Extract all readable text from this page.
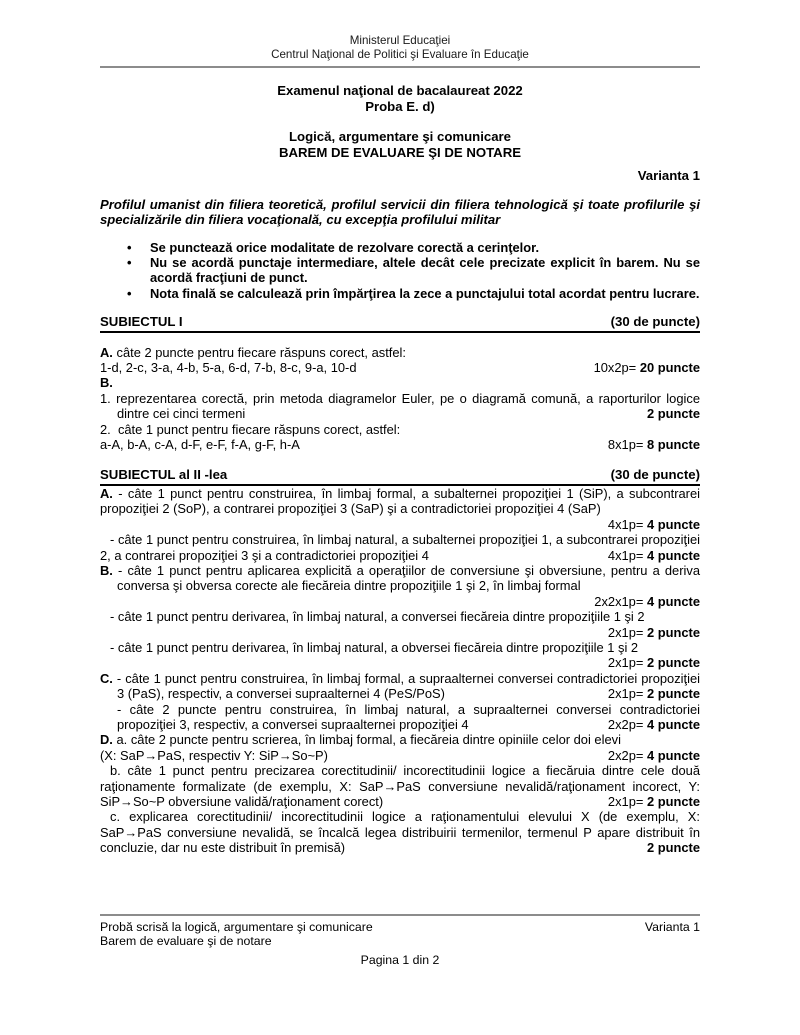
Ministerul Educaţiei
Centrul Naţional de Politici şi Evaluare în Educaţie
Examenul naţional de bacalaureat 2022
Proba E. d)
Logică, argumentare şi comunicare
BAREM DE EVALUARE ŞI DE NOTARE
Varianta 1

Profilul umanist din filiera teoretică, profilul servicii din filiera tehnologică şi toate profilurile şi specializările din filiera vocaţională, cu excepţia profilului militar

•	Se punctează orice modalitate de rezolvare corectă a cerinţelor.
•	Nu se acordă punctaje intermediare, altele decât cele precizate explicit în barem. Nu se acordă fracţiuni de punct.
•	Nota finală se calculează prin împărţirea la zece a punctajului total acordat pentru lucrare.
SUBIECTUL I	(30 de puncte)

A. câte 2 puncte pentru fiecare răspuns corect, astfel:

1-d, 2-c, 3-a, 4-b, 5-a, 6-d, 7-b, 8-c, 9-a, 10-d	10x2p= 20 puncte

B.

1. reprezentarea corectă, prin metoda diagramelor Euler, pe o diagramă comună, a raporturilor logice dintre cei cinci termeni	2 puncte

2. câte 1 punct pentru fiecare răspuns corect, astfel:

a-A, b-A, c-A, d-F, e-F, f-A, g-F, h-A	8x1p= 8 puncte

SUBIECTUL al II -lea	(30 de puncte)

A. - câte 1 punct pentru construirea, în limbaj formal, a subalternei propoziţiei 1 (SiP), a subcontrarei propoziţiei 2 (SoP), a contrarei propoziţiei 3 (SaP) şi a contradictoriei propoziţiei 4 (SaP)

4x1p= 4 puncte

- câte 1 punct pentru construirea, în limbaj natural, a subalternei propoziţiei 1, a subcontrarei propoziţiei 2, a contrarei propoziţiei 3 şi a contradictoriei propoziţiei 4	4x1p= 4 puncte

B. - câte 1 punct pentru aplicarea explicită a operaţiilor de conversiune şi obversiune, pentru a deriva conversa şi obversa corecte ale fiecăreia dintre propoziţiile 1 şi 2, în limbaj formal

2x2x1p= 4 puncte

- câte 1 punct pentru derivarea, în limbaj natural, a conversei fiecăreia dintre propoziţiile 1 şi 2

2x1p= 2 puncte

- câte 1 punct pentru derivarea, în limbaj natural, a obversei fiecăreia dintre propoziţiile 1 şi 2

2x1p= 2 puncte

C. - câte 1 punct pentru construirea, în limbaj formal, a supraalternei conversei contradictoriei propoziţiei 3 (PaS), respectiv, a conversei supraalternei 4 (PeS/PoS)	2x1p= 2 puncte

- câte 2 puncte pentru construirea, în limbaj natural, a supraalternei conversei contradictoriei propoziţiei 3, respectiv, a conversei supraalternei propoziţiei 4	2x2p= 4 puncte

D. a. câte 2 puncte pentru scrierea, în limbaj formal, a fiecăreia dintre opiniile celor doi elevi

(X: SaP→PaS, respectiv Y: SiP→So~P)	2x2p= 4 puncte

b. câte 1 punct pentru precizarea corectitudinii/ incorectitudinii logice a fiecăruia dintre cele două raţionamente formalizate (de exemplu, X: SaP→PaS conversiune nevalidă/raţionament incorect, Y: SiP→So~P obversiune validă/raţionament corect)	2x1p= 2 puncte

c. explicarea corectitudinii/ incorectitudinii logice a raţionamentului elevului X (de exemplu, X: SaP→PaS conversiune nevalidă, se încalcă legea distribuirii termenilor, termenul P apare distribuit în concluzie, dar nu este distribuit în premisă)	2 puncte

Probă scrisă la logică, argumentare şi comunicare	Varianta 1
Barem de evaluare şi de notare
Pagina 1 din 2
